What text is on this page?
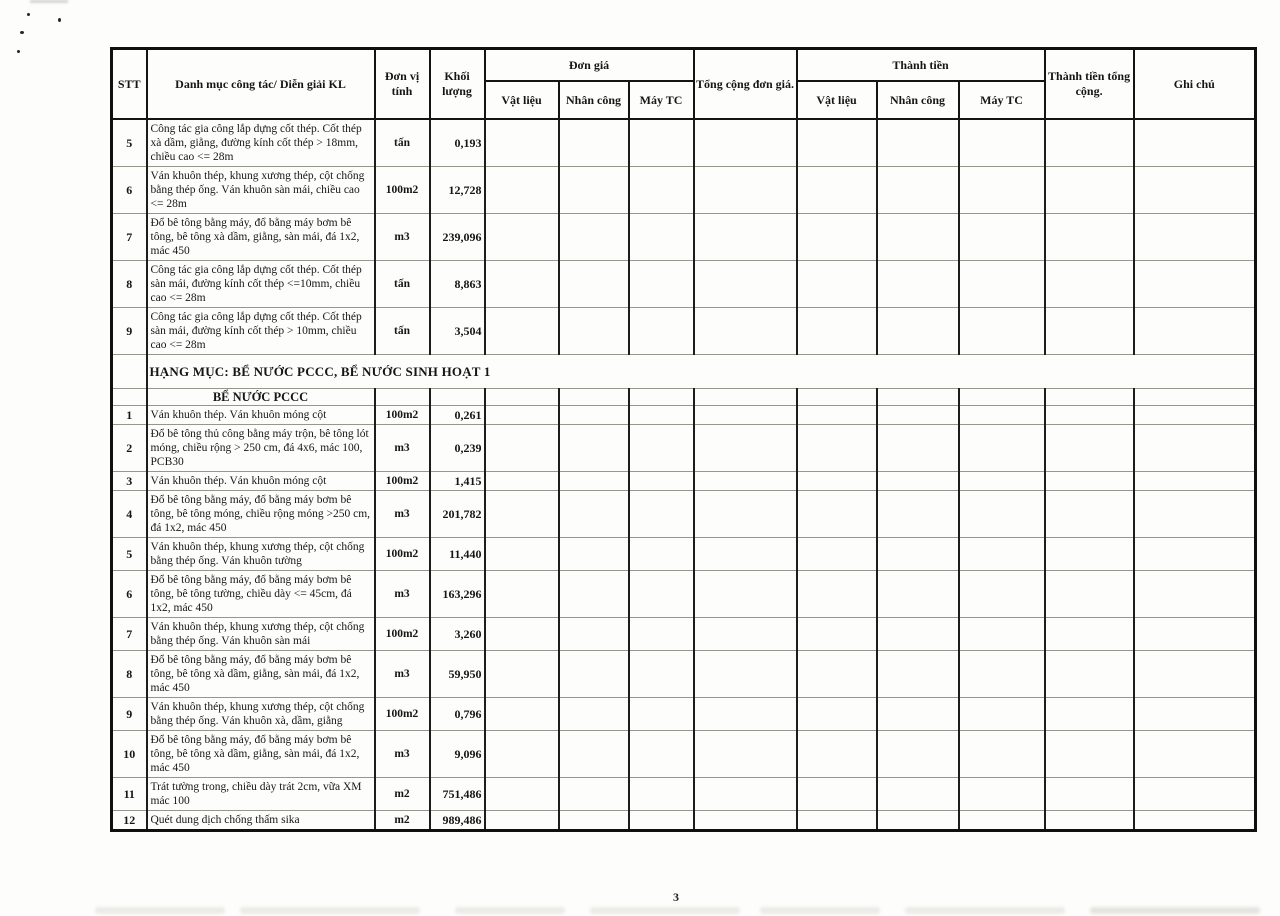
STT	Danh mục công tác/ Diễn giải KL	Đơn vị tính	Khối lượng	Đơn giá			Tổng cộng đơn giá.	Thành tiền			Thành tiền tổng cộng.	Ghi chú
				Vật liệu	Nhân công	Máy TC		Vật liệu	Nhân công	Máy TC		
5	Công tác gia công lắp dựng cốt thép. Cốt thép xà dầm, giằng, đường kính cốt thép > 18mm, chiều cao <= 28m	tấn	0,193									
6	Ván khuôn thép, khung xương thép, cột chống bằng thép ống. Ván khuôn sàn mái, chiều cao <= 28m	100m2	12,728									
7	Đổ bê tông bằng máy, đổ bằng máy bơm bê tông, bê tông xà dầm, giằng, sàn mái, đá 1x2, mác 450	m3	239,096									
8	Công tác gia công lắp dựng cốt thép. Cốt thép sàn mái, đường kính cốt thép <=10mm, chiều cao <= 28m	tấn	8,863									
9	Công tác gia công lắp dựng cốt thép. Cốt thép sàn mái, đường kính cốt thép > 10mm, chiều cao <= 28m	tấn	3,504									
	HẠNG MỤC: BỂ NƯỚC PCCC, BỂ NƯỚC SINH HOẠT 1											
	BỂ NƯỚC PCCC											
1	Ván khuôn thép. Ván khuôn móng cột	100m2	0,261									
2	Đổ bê tông thủ công bằng máy trộn, bê tông lót móng, chiều rộng > 250 cm, đá 4x6, mác 100, PCB30	m3	0,239									
3	Ván khuôn thép. Ván khuôn móng cột	100m2	1,415									
4	Đổ bê tông bằng máy, đổ bằng máy bơm bê tông, bê tông móng, chiều rộng móng >250 cm, đá 1x2, mác 450	m3	201,782									
5	Ván khuôn thép, khung xương thép, cột chống bằng thép ống. Ván khuôn tường	100m2	11,440									
6	Đổ bê tông bằng máy, đổ bằng máy bơm bê tông, bê tông tường, chiều dày <= 45cm, đá 1x2, mác 450	m3	163,296									
7	Ván khuôn thép, khung xương thép, cột chống bằng thép ống. Ván khuôn sàn mái	100m2	3,260									
8	Đổ bê tông bằng máy, đổ bằng máy bơm bê tông, bê tông xà dầm, giằng, sàn mái, đá 1x2, mác 450	m3	59,950									
9	Ván khuôn thép, khung xương thép, cột chống bằng thép ống. Ván khuôn xà, dầm, giằng	100m2	0,796									
10	Đổ bê tông bằng máy, đổ bằng máy bơm bê tông, bê tông xà dầm, giằng, sàn mái, đá 1x2, mác 450	m3	9,096									
11	Trát tường trong, chiều dày trát 2cm, vữa XM mác 100	m2	751,486									
12	Quét dung dịch chống thấm sika	m2	989,486									
3
